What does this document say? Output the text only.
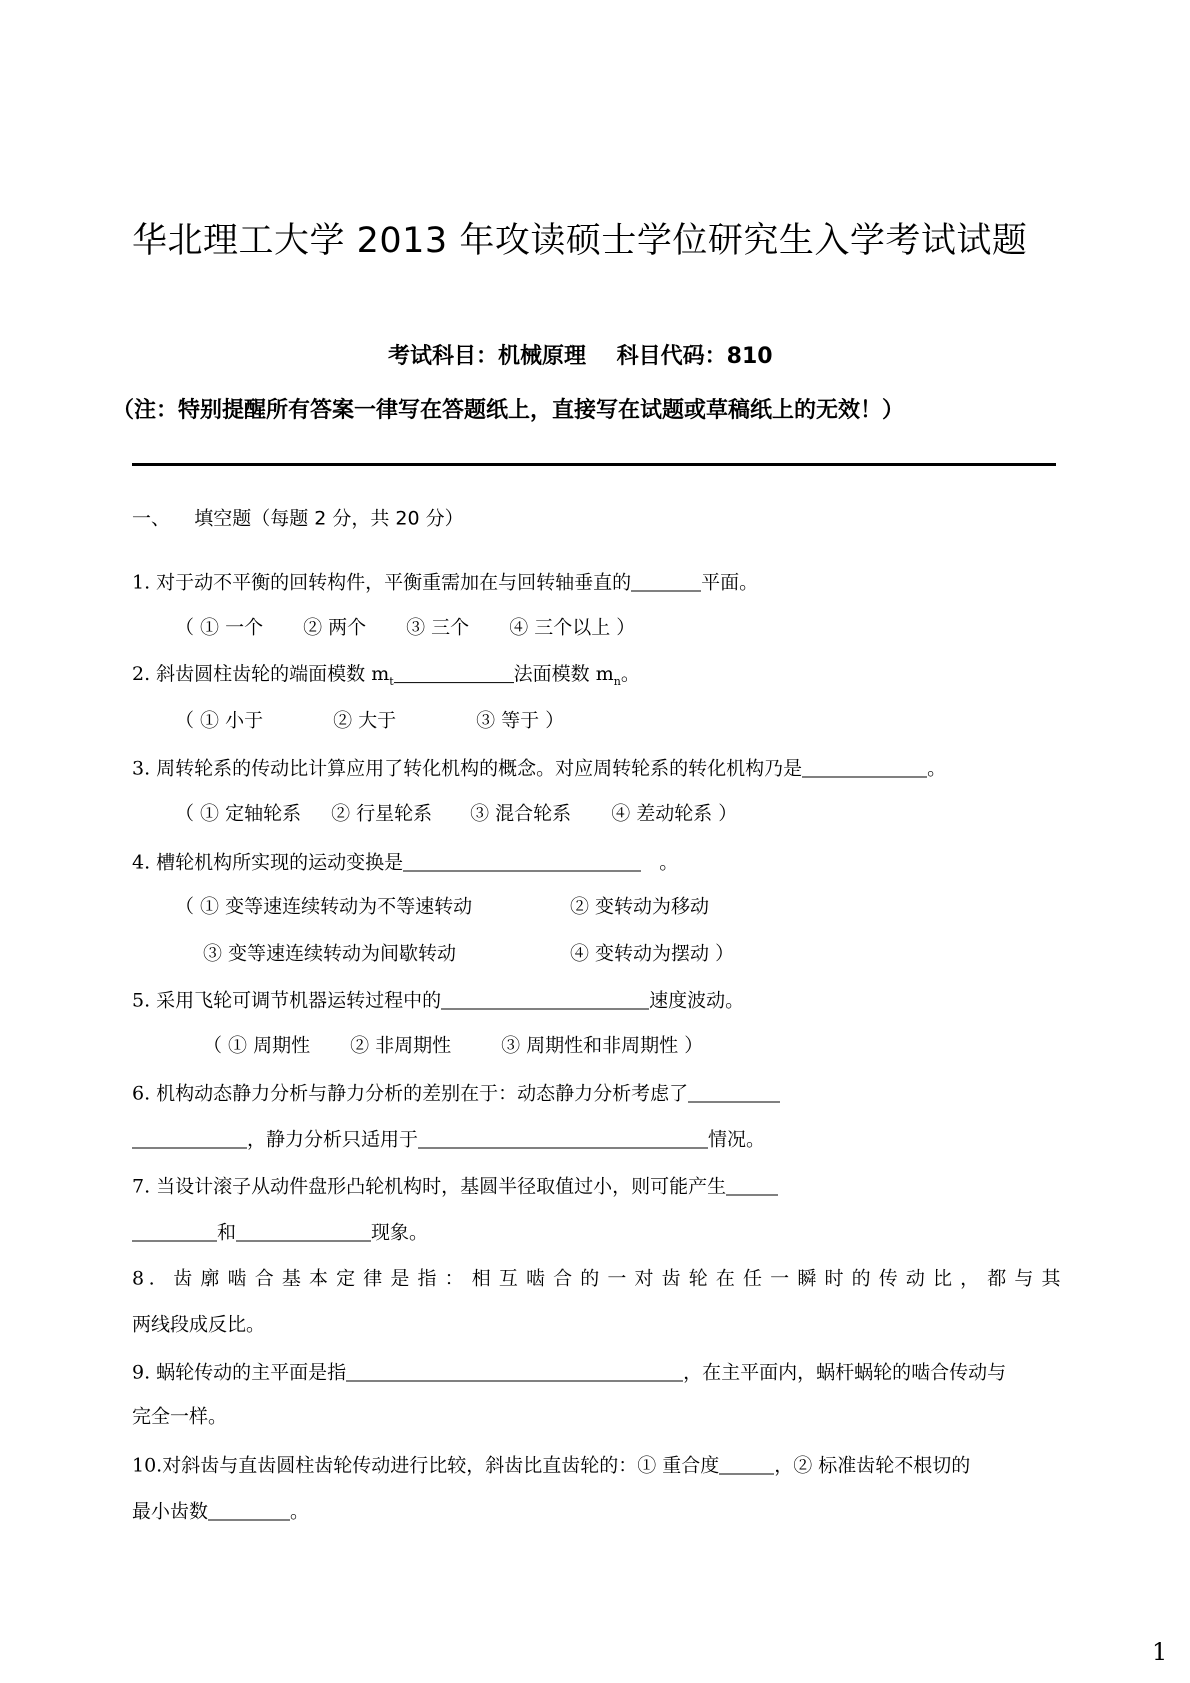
华北理工大学 2013 年攻读硕士学位研究生入学考试试题
考试科目：机械原理    科目代码：810
（注：特别提醒所有答案一律写在答题纸上，直接写在试题或草稿纸上的无效！）
一、 填空题（每题 2 分，共 20 分）
1. 对于动不平衡的回转构件，平衡重需加在与回转轴垂直的	平面。
（ ① 一个 ② 两个 ③ 三个 ④ 三个以上 ）
2. 斜齿圆柱齿轮的端面模数 $m_t$	法面模数 $m_n$。
（ ① 小于	② 大于	③ 等于 ）
3. 周转轮系的传动比计算应用了转化机构的概念。对应周转轮系的转化机构乃是	。
（ ① 定轴轮系 ② 行星轮系 ③ 混合轮系 ④ 差动轮系 ）
4. 槽轮机构所实现的运动变换是	。
（ ① 变等速连续转动为不等速转动	② 变转动为移动
③ 变等速连续转动为间歇转动	④ 变转动为摆动 ）
5. 采用飞轮可调节机器运转过程中的	速度波动。
（ ① 周期性 ② 非周期性	③ 周期性和非周期性 ）
6. 机构动态静力分析与静力分析的差别在于：动态静力分析考虑了
，静力分析只适用于	情况。
7. 当设计滚子从动件盘形凸轮机构时，基圆半径取值过小，则可能产生
和	现象。
8. 齿廓啮合基本定律是指：相互啮合的一对齿轮在任一瞬时的传动比，都与其
两线段成反比。
9. 蜗轮传动的主平面是指	，在主平面内，蜗杆蜗轮的啮合传动与
完全一样。
10.对斜齿与直齿圆柱齿轮传动进行比较，斜齿比直齿轮的：① 重合度	，② 标准齿轮不根切的
最小齿数	。
1
